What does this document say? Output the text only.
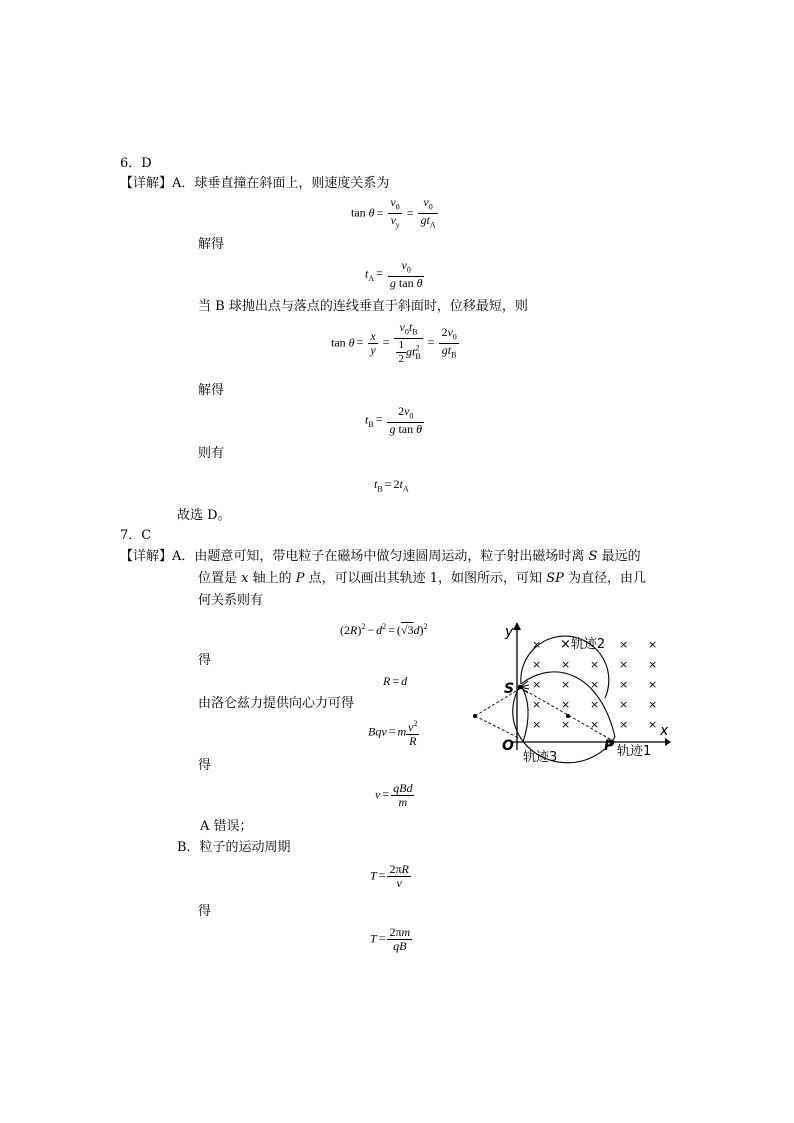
6．D
【详解】A．球垂直撞在斜面上，则速度关系为
$\tan \theta = \frac{v_0}{v_y} = \frac{v_0}{gt_A}$
解得
$t_A = \frac{v_0}{\text{g tan θ}}$
当 B 球抛出点与落点的连线垂直于斜面时，位移最短，则
$\tan \theta = \frac{x}{y} = \frac{v_0t_B}{\frac{1}{2} gt^2_B} = \frac{2v_0}{gt_B}$
解得
$t_B = \frac{2v_0}{\text{g tan θ}}$
则有
$t_B = 2t_A$
故选 D。
7．C
【详解】A．由题意可知，带电粒子在磁场中做匀速圆周运动，粒子射出磁场时离 S 最远的
位置是 x 轴上的 P 点，可以画出其轨迹 1，如图所示，可知 SP 为直径，由几
何关系则有
$(2R)^2 - d^2 = (√3d)^2$
得
R = d
由洛仑兹力提供向心力可得
Bqv = m $\frac{v^2}{R}$
得
$v = \frac{\text{qBd}}{m}$
A 错误；
B．粒子的运动周期
$T = \frac{2\pi R}{v}$
得
$T = \frac{2\pi m}{qB}$
×	× ×
× × × × ×
× × × × ×
× × × × ×
× × × × ×
y
x
O
S
P 轨迹1
×轨迹2
轨迹3
